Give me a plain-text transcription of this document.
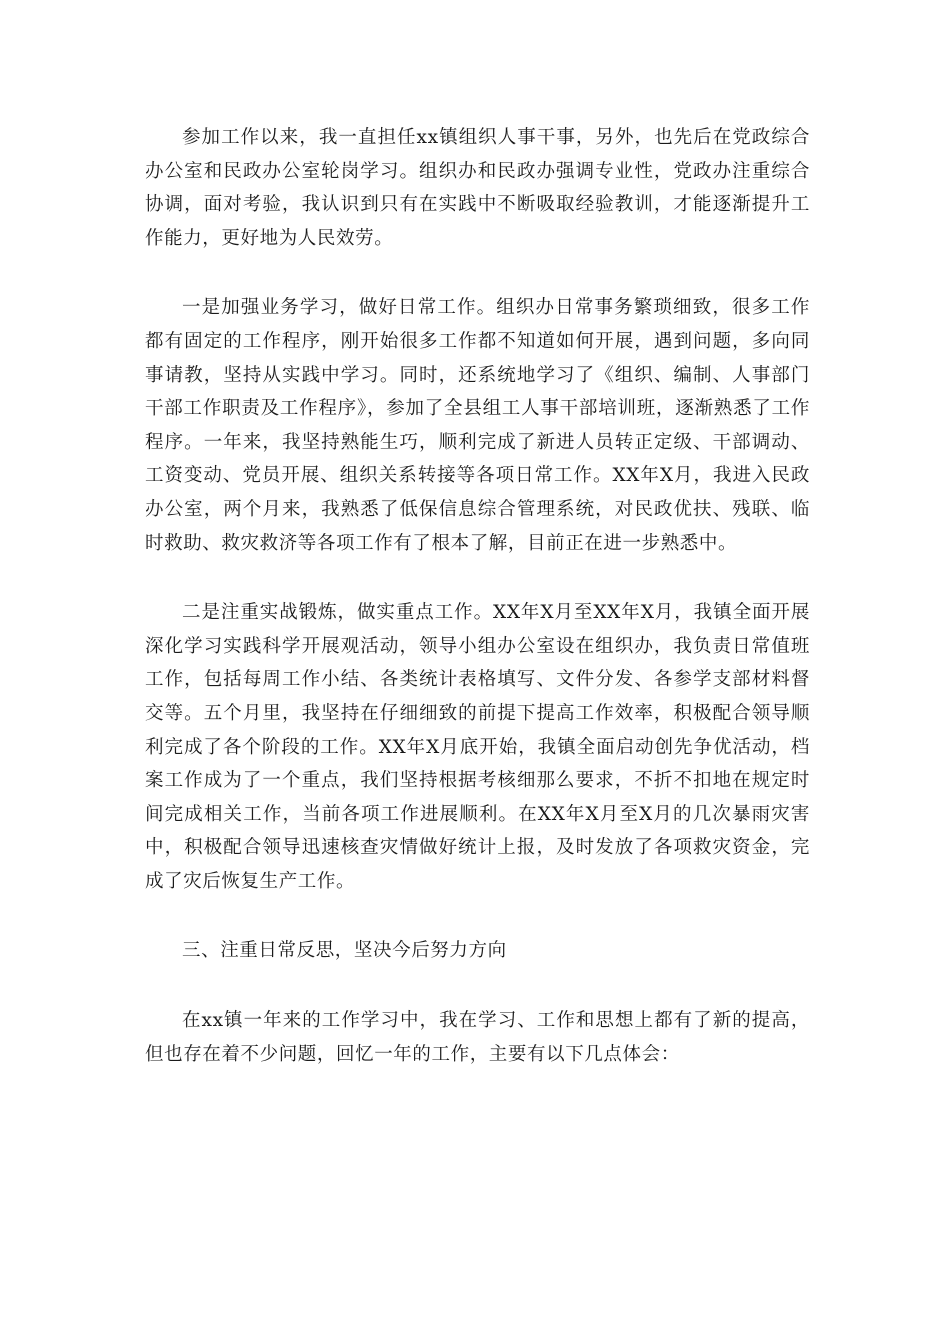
参加工作以来，我一直担任xx镇组织人事干事，另外，也先后在党政综合办公室和民政办公室轮岗学习。组织办和民政办强调专业性，党政办注重综合协调，面对考验，我认识到只有在实践中不断吸取经验教训，才能逐渐提升工作能力，更好地为人民效劳。

一是加强业务学习，做好日常工作。组织办日常事务繁琐细致，很多工作都有固定的工作程序，刚开始很多工作都不知道如何开展，遇到问题，多向同事请教，坚持从实践中学习。同时，还系统地学习了《组织、编制、人事部门干部工作职责及工作程序》，参加了全县组工人事干部培训班，逐渐熟悉了工作程序。一年来，我坚持熟能生巧，顺利完成了新进人员转正定级、干部调动、工资变动、党员开展、组织关系转接等各项日常工作。XX年X月，我进入民政办公室，两个月来，我熟悉了低保信息综合管理系统，对民政优扶、残联、临时救助、救灾救济等各项工作有了根本了解，目前正在进一步熟悉中。

二是注重实战锻炼，做实重点工作。XX年X月至XX年X月，我镇全面开展深化学习实践科学开展观活动，领导小组办公室设在组织办，我负责日常值班工作，包括每周工作小结、各类统计表格填写、文件分发、各参学支部材料督交等。五个月里，我坚持在仔细细致的前提下提高工作效率，积极配合领导顺利完成了各个阶段的工作。XX年X月底开始，我镇全面启动创先争优活动，档案工作成为了一个重点，我们坚持根据考核细那么要求，不折不扣地在规定时间完成相关工作，当前各项工作进展顺利。在XX年X月至X月的几次暴雨灾害中，积极配合领导迅速核查灾情做好统计上报，及时发放了各项救灾资金，完成了灾后恢复生产工作。

三、注重日常反思，坚决今后努力方向

在xx镇一年来的工作学习中，我在学习、工作和思想上都有了新的提高，但也存在着不少问题，回忆一年的工作，主要有以下几点体会：
